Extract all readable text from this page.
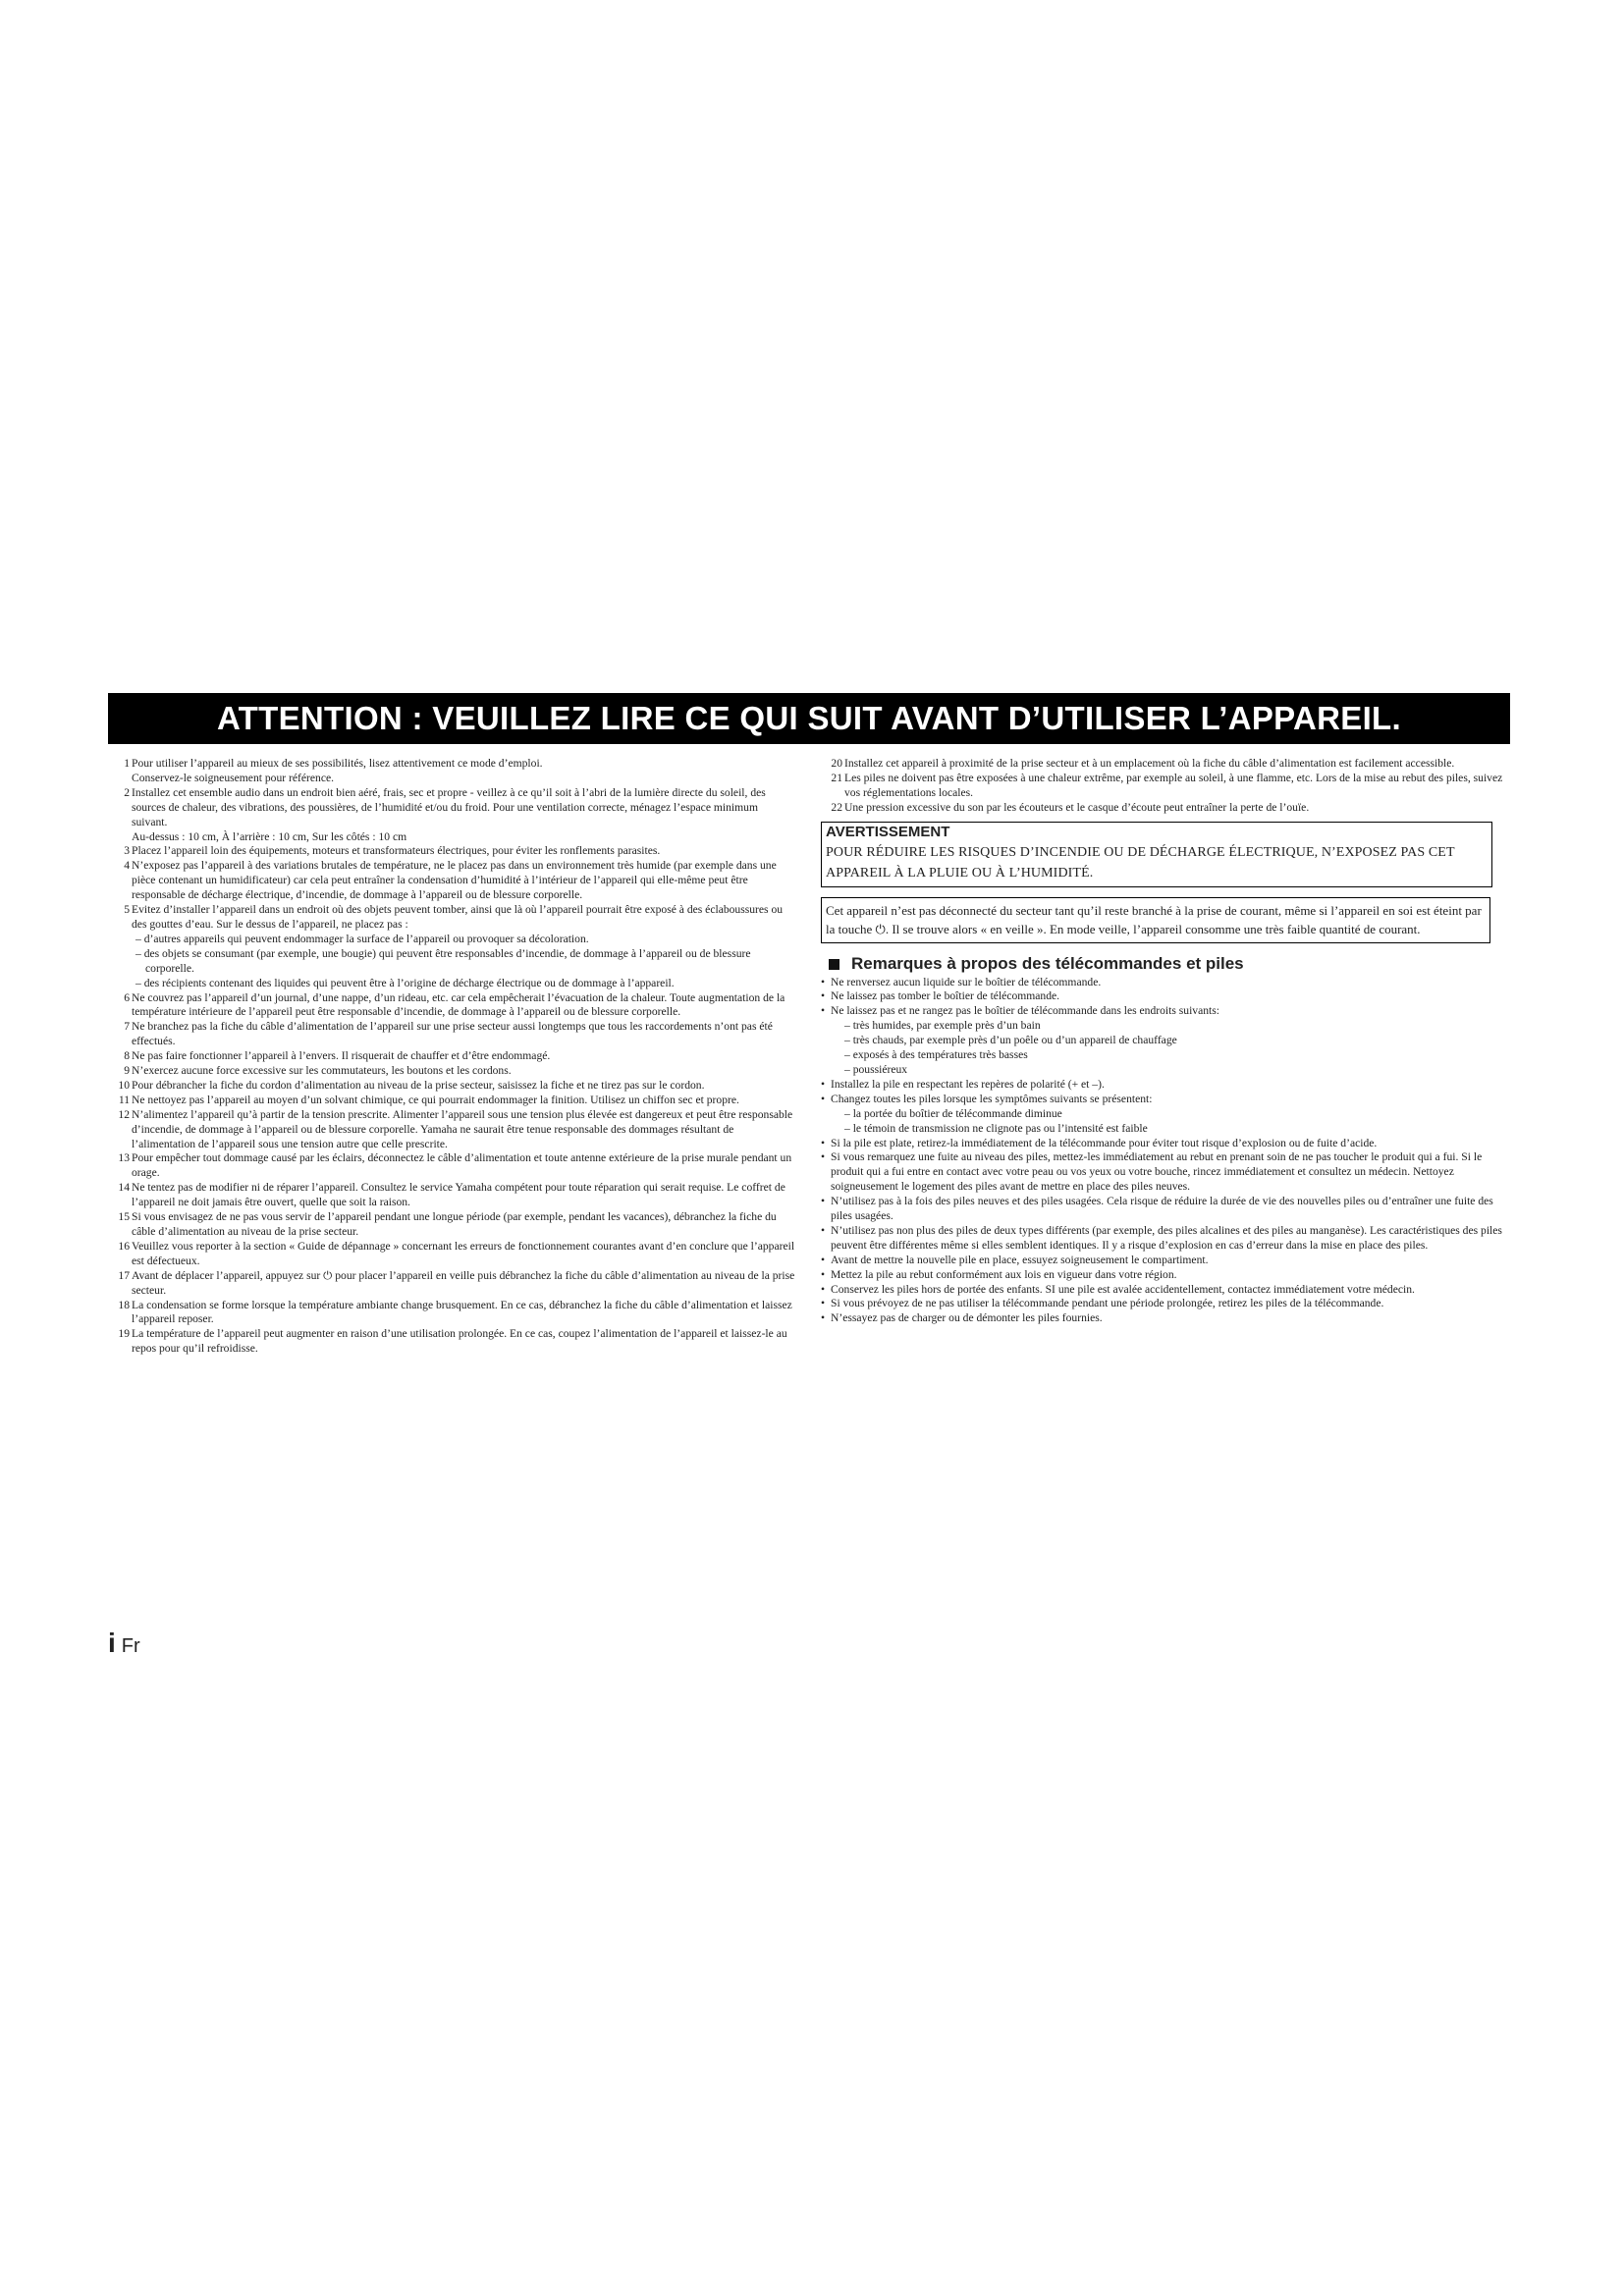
ATTENTION : VEUILLEZ LIRE CE QUI SUIT AVANT D’UTILISER L’APPAREIL.
1 Pour utiliser l’appareil au mieux de ses possibilités, lisez attentivement ce mode d’emploi.
Conservez-le soigneusement pour référence.
2 Installez cet ensemble audio dans un endroit bien aéré, frais, sec et propre - veillez à ce qu’il soit à l’abri de la lumière directe du soleil, des sources de chaleur, des vibrations, des poussières, de l’humidité et/ou du froid. Pour une ventilation correcte, ménagez l’espace minimum suivant.
Au-dessus : 10 cm, À l’arrière : 10 cm, Sur les côtés : 10 cm
3 Placez l’appareil loin des équipements, moteurs et transformateurs électriques, pour éviter les ronflements parasites.
4 N’exposez pas l’appareil à des variations brutales de température, ne le placez pas dans un environnement très humide (par exemple dans une pièce contenant un humidificateur) car cela peut entraîner la condensation d’humidité à l’intérieur de l’appareil qui elle-même peut être responsable de décharge électrique, d’incendie, de dommage à l’appareil ou de blessure corporelle.
5 Evitez d’installer l’appareil dans un endroit où des objets peuvent tomber, ainsi que là où l’appareil pourrait être exposé à des éclaboussures ou des gouttes d’eau. Sur le dessus de l’appareil, ne placez pas :
– d’autres appareils qui peuvent endommager la surface de l’appareil ou provoquer sa décoloration.
– des objets se consumant (par exemple, une bougie) qui peuvent être responsables d’incendie, de dommage à l’appareil ou de blessure corporelle.
– des récipients contenant des liquides qui peuvent être à l’origine de décharge électrique ou de dommage à l’appareil.
6 Ne couvrez pas l’appareil d’un journal, d’une nappe, d’un rideau, etc. car cela empêcherait l’évacuation de la chaleur. Toute augmentation de la température intérieure de l’appareil peut être responsable d’incendie, de dommage à l’appareil ou de blessure corporelle.
7 Ne branchez pas la fiche du câble d’alimentation de l’appareil sur une prise secteur aussi longtemps que tous les raccordements n’ont pas été effectués.
8 Ne pas faire fonctionner l’appareil à l’envers. Il risquerait de chauffer et d’être endommagé.
9 N’exercez aucune force excessive sur les commutateurs, les boutons et les cordons.
10 Pour débrancher la fiche du cordon d’alimentation au niveau de la prise secteur, saisissez la fiche et ne tirez pas sur le cordon.
11 Ne nettoyez pas l’appareil au moyen d’un solvant chimique, ce qui pourrait endommager la finition. Utilisez un chiffon sec et propre.
12 N’alimentez l’appareil qu’à partir de la tension prescrite. Alimenter l’appareil sous une tension plus élevée est dangereux et peut être responsable d’incendie, de dommage à l’appareil ou de blessure corporelle. Yamaha ne saurait être tenue responsable des dommages résultant de l’alimentation de l’appareil sous une tension autre que celle prescrite.
13 Pour empêcher tout dommage causé par les éclairs, déconnectez le câble d’alimentation et toute antenne extérieure de la prise murale pendant un orage.
14 Ne tentez pas de modifier ni de réparer l’appareil. Consultez le service Yamaha compétent pour toute réparation qui serait requise. Le coffret de l’appareil ne doit jamais être ouvert, quelle que soit la raison.
15 Si vous envisagez de ne pas vous servir de l’appareil pendant une longue période (par exemple, pendant les vacances), débranchez la fiche du câble d’alimentation au niveau de la prise secteur.
16 Veuillez vous reporter à la section « Guide de dépannage » concernant les erreurs de fonctionnement courantes avant d’en conclure que l’appareil est défectueux.
17 Avant de déplacer l’appareil, appuyez sur ⏻ pour placer l’appareil en veille puis débranchez la fiche du câble d’alimentation au niveau de la prise secteur.
18 La condensation se forme lorsque la température ambiante change brusquement. En ce cas, débranchez la fiche du câble d’alimentation et laissez l’appareil reposer.
19 La température de l’appareil peut augmenter en raison d’une utilisation prolongée. En ce cas, coupez l’alimentation de l’appareil et laissez-le au repos pour qu’il refroidisse.
20 Installez cet appareil à proximité de la prise secteur et à un emplacement où la fiche du câble d’alimentation est facilement accessible.
21 Les piles ne doivent pas être exposées à une chaleur extrême, par exemple au soleil, à une flamme, etc. Lors de la mise au rebut des piles, suivez vos réglementations locales.
22 Une pression excessive du son par les écouteurs et le casque d’écoute peut entraîner la perte de l’ouïe.
AVERTISSEMENT
POUR RÉDUIRE LES RISQUES D’INCENDIE OU DE DÉCHARGE ÉLECTRIQUE, N’EXPOSEZ PAS CET APPAREIL À LA PLUIE OU À L’HUMIDITÉ.
Cet appareil n’est pas déconnecté du secteur tant qu’il reste branché à la prise de courant, même si l’appareil en soi est éteint par la touche ⏻. Il se trouve alors « en veille ». En mode veille, l’appareil consomme une très faible quantité de courant.
Remarques à propos des télécommandes et piles
• Ne renversez aucun liquide sur le boîtier de télécommande.
• Ne laissez pas tomber le boîtier de télécommande.
• Ne laissez pas et ne rangez pas le boîtier de télécommande dans les endroits suivants:
– très humides, par exemple près d’un bain
– très chauds, par exemple près d’un poêle ou d’un appareil de chauffage
– exposés à des températures très basses
– poussiéreux
• Installez la pile en respectant les repères de polarité (+ et –).
• Changez toutes les piles lorsque les symptômes suivants se présentent:
– la portée du boîtier de télécommande diminue
– le témoin de transmission ne clignote pas ou l’intensité est faible
• Si la pile est plate, retirez-la immédiatement de la télécommande pour éviter tout risque d’explosion ou de fuite d’acide.
• Si vous remarquez une fuite au niveau des piles, mettez-les immédiatement au rebut en prenant soin de ne pas toucher le produit qui a fui. Si le produit qui a fui entre en contact avec votre peau ou vos yeux ou votre bouche, rincez immédiatement et consultez un médecin. Nettoyez soigneusement le logement des piles avant de mettre en place des piles neuves.
• N’utilisez pas à la fois des piles neuves et des piles usagées. Cela risque de réduire la durée de vie des nouvelles piles ou d’entraîner une fuite des piles usagées.
• N’utilisez pas non plus des piles de deux types différents (par exemple, des piles alcalines et des piles au manganèse). Les caractéristiques des piles peuvent être différentes même si elles semblent identiques. Il y a risque d’explosion en cas d’erreur dans la mise en place des piles.
• Avant de mettre la nouvelle pile en place, essuyez soigneusement le compartiment.
• Mettez la pile au rebut conformément aux lois en vigueur dans votre région.
• Conservez les piles hors de portée des enfants. SI une pile est avalée accidentellement, contactez immédiatement votre médecin.
• Si vous prévoyez de ne pas utiliser la télécommande pendant une période prolongée, retirez les piles de la télécommande.
• N’essayez pas de charger ou de démonter les piles fournies.
i Fr
